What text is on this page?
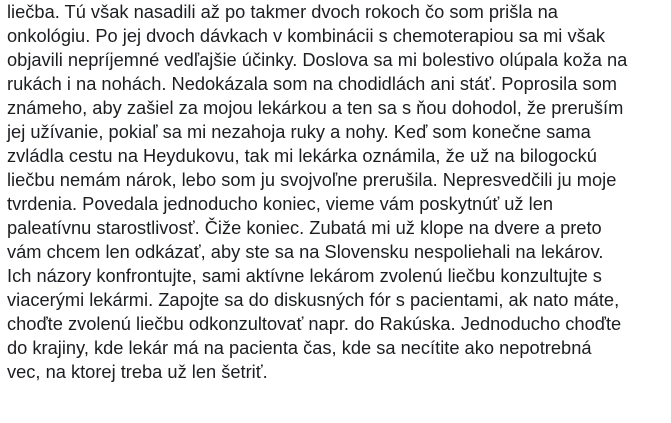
liečba. Tú však nasadili až po takmer dvoch rokoch čo som prišla na
onkológiu. Po jej dvoch dávkach v kombinácii s chemoterapiou sa mi však
objavili nepríjemné vedľajšie účinky. Doslova sa mi bolestivo olúpala koža na
rukách i na nohách. Nedokázala som na chodidlách ani stáť. Poprosila som
známeho, aby zašiel za mojou lekárkou a ten sa s ňou dohodol, že preruším
jej užívanie, pokiaľ sa mi nezahoja ruky a nohy. Keď som konečne sama
zvládla cestu na Heydukovu, tak mi lekárka oznámila, že už na bilogockú
liečbu nemám nárok, lebo som ju svojvoľne prerušila. Nepresvedčili ju moje
tvrdenia. Povedala jednoducho koniec, vieme vám poskytnúť už len
paleatívnu starostlivosť. Čiže koniec. Zubatá mi už klope na dvere a preto
vám chcem len odkázať, aby ste sa na Slovensku nespoliehali na lekárov.
Ich názory konfrontujte, sami aktívne lekárom zvolenú liečbu konzultujte s
viacerými lekármi. Zapojte sa do diskusných fór s pacientami, ak nato máte,
choďte zvolenú liečbu odkonzultovať napr. do Rakúska. Jednoducho choďte
do krajiny, kde lekár má na pacienta čas, kde sa necítite ako nepotrebná
vec, na ktorej treba už len šetriť.
